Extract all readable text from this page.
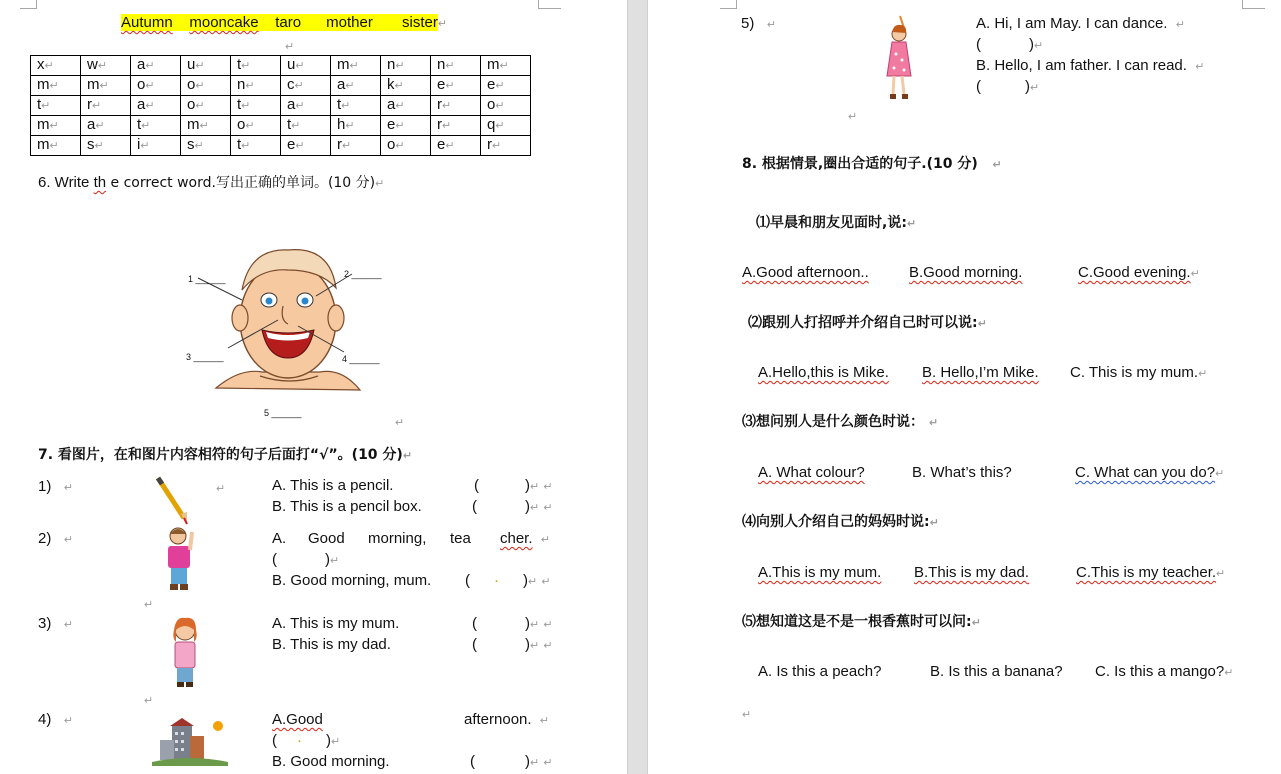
Autumn mooncake taro mother sister↵
↵
x↵	w↵	a↵	u↵	t↵	u↵	m↵	n↵	n↵	m↵
m↵	m↵	o↵	o↵	n↵	c↵	a↵	k↵	e↵	e↵
t↵	r↵	a↵	o↵	t↵	a↵	t↵	a↵	r↵	o↵
m↵	a↵	t↵	m↵	o↵	t↵	h↵	e↵	r↵	q↵
m↵	s↵	i↵	s↵	t↵	e↵	r↵	o↵	e↵	r↵
6. Write th e correct word.写出正确的单词。(10 分)↵
1 ______	2 ______
3 ______	4 ______
5 ______
↵
7. 看图片，在和图片内容相符的句子后面打“√”。(10 分)↵
1) ↵	↵	A. This is a pencil.	(	)↵ ↵
B. This is a pencil box.	(	)↵ ↵
2) ↵	A. Good morning, tea cher. ↵
(	)↵
B. Good morning, mum. ( · )↵ ↵
↵
3) ↵	A. This is my mum.	(	)↵ ↵
B. This is my dad.	(	)↵ ↵
↵
4) ↵	A.Good	afternoon. ↵
( · )↵
B. Good morning.	(	)↵ ↵
5) ↵	A. Hi, I am May. I can dance. ↵
(	)↵
B. Hello, I am father. I can read. ↵
(	)↵
↵
8. 根据情景,圈出合适的句子.(10 分) ↵
⑴早晨和朋友见面时,说:↵
A.Good afternoon..	B.Good morning.	C.Good evening.↵
⑵跟别人打招呼并介绍自己时可以说:↵
A.Hello,this is Mike. B. Hello,I’m Mike. C. This is my mum.↵
⑶想问别人是什么颜色时说： ↵
A. What colour?	B. What’s this?	C. What can you do?↵
⑷向别人介绍自己的妈妈时说:↵
A.This is my mum. B.This is my dad.	C.This is my teacher.↵
⑸想知道这是不是一根香蕉时可以问:↵
A. Is this a peach?	B. Is this a banana? C. Is this a mango?↵
↵
